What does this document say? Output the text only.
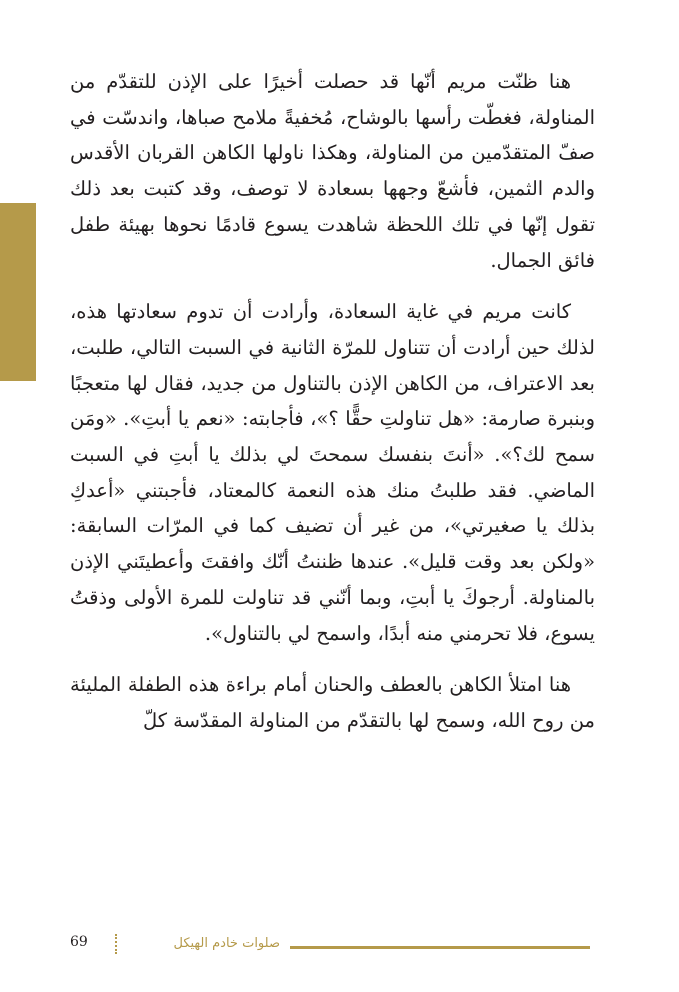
هنا ظنّت مريم أنّها قد حصلت أخيرًا على الإذن للتقدّم من المناولة، فغطّت رأسها بالوشاح، مُخفيةً ملامح صباها، واندسّت في صفّ المتقدّمين من المناولة، وهكذا ناولها الكاهن القربان الأقدس والدم الثمين، فأشعّ وجهها بسعادة لا توصف، وقد كتبت بعد ذلك تقول إنّها في تلك اللحظة شاهدت يسوع قادمًا نحوها بهيئة طفل فائق الجمال.

كانت مريم في غاية السعادة، وأرادت أن تدوم سعادتها هذه، لذلك حين أرادت أن تتناول للمرّة الثانية في السبت التالي، طلبت، بعد الاعتراف، من الكاهن الإذن بالتناول من جديد، فقال لها متعجبًا وبنبرة صارمة: «هل تناولتِ حقًّا ؟»، فأجابته: «نعم يا أبتِ». «ومَن سمح لك؟». «أنتَ بنفسك سمحتَ لي بذلك يا أبتِ في السبت الماضي. فقد طلبتُ منك هذه النعمة كالمعتاد، فأجبتني «أعدكِ بذلك يا صغيرتي»، من غير أن تضيف كما في المرّات السابقة: «ولكن بعد وقت قليل». عندها ظننتُ أنّك وافقتَ وأعطيتَني الإذن بالمناولة. أرجوكَ يا أبتِ، وبما أنّني قد تناولت للمرة الأولى وذقتُ يسوع، فلا تحرمني منه أبدًا، واسمح لي بالتناول».

هنا امتلأ الكاهن بالعطف والحنان أمام براءة هذه الطفلة المليئة من روح الله، وسمح لها بالتقدّم من المناولة المقدّسة كلّ

69	صلوات خادم الهيكل
